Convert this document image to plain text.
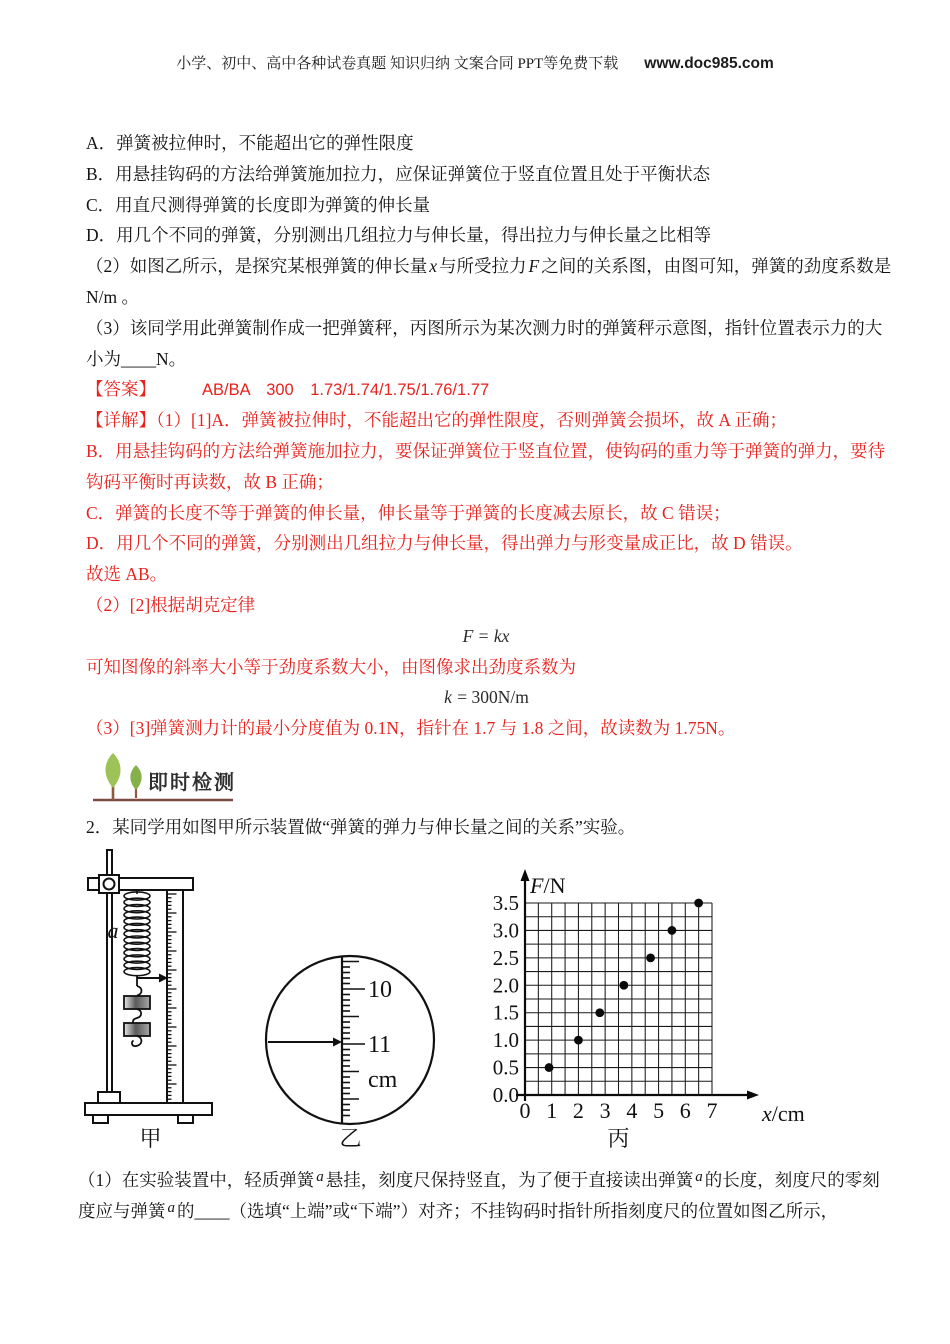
小学、初中、高中各种试卷真题 知识归纳 文案合同 PPT等免费下载 www.doc985.com

A．弹簧被拉伸时，不能超出它的弹性限度

B．用悬挂钩码的方法给弹簧施加拉力，应保证弹簧位于竖直位置且处于平衡状态

C．用直尺测得弹簧的长度即为弹簧的伸长量

D．用几个不同的弹簧，分别测出几组拉力与伸长量，得出拉力与伸长量之比相等

（2）如图乙所示，是探究某根弹簧的伸长量 x 与所受拉力 F 之间的关系图，由图可知，弹簧的劲度系数是

N/m 。

（3）该同学用此弹簧制作成一把弹簧秤，丙图所示为某次测力时的弹簧秤示意图，指针位置表示力的大

小为____N。

【答案】	AB/BA　300　1.73/1.74/1.75/1.76/1.77

【详解】（1）[1]A．弹簧被拉伸时，不能超出它的弹性限度，否则弹簧会损坏，故 A 正确；

B．用悬挂钩码的方法给弹簧施加拉力，要保证弹簧位于竖直位置，使钩码的重力等于弹簧的弹力，要待

钩码平衡时再读数，故 B 正确；

C．弹簧的长度不等于弹簧的伸长量，伸长量等于弹簧的长度减去原长，故 C 错误；

D．用几个不同的弹簧，分别测出几组拉力与伸长量，得出弹力与形变量成正比，故 D 错误。

故选 AB。

（2）[2]根据胡克定律

F = kx

可知图像的斜率大小等于劲度系数大小，由图像求出劲度系数为

k = 300N/m

（3）[3]弹簧测力计的最小分度值为 0.1N，指针在 1.7 与 1.8 之间，故读数为 1.75N。

即时检测

2．某同学用如图甲所示装置做“弹簧的弹力与伸长量之间的关系”实验。

a
甲
10
11
cm
乙
F/N
x/cm
0.0
0.5
1.0
1.5
2.0
2.5
3.0
3.5
0 1 2 3 4 5 6 7
丙

（1）在实验装置中，轻质弹簧 a 悬挂，刻度尺保持竖直，为了便于直接读出弹簧 a 的长度，刻度尺的零刻

度应与弹簧 a 的____（选填“上端”或“下端”）对齐；不挂钩码时指针所指刻度尺的位置如图乙所示，
